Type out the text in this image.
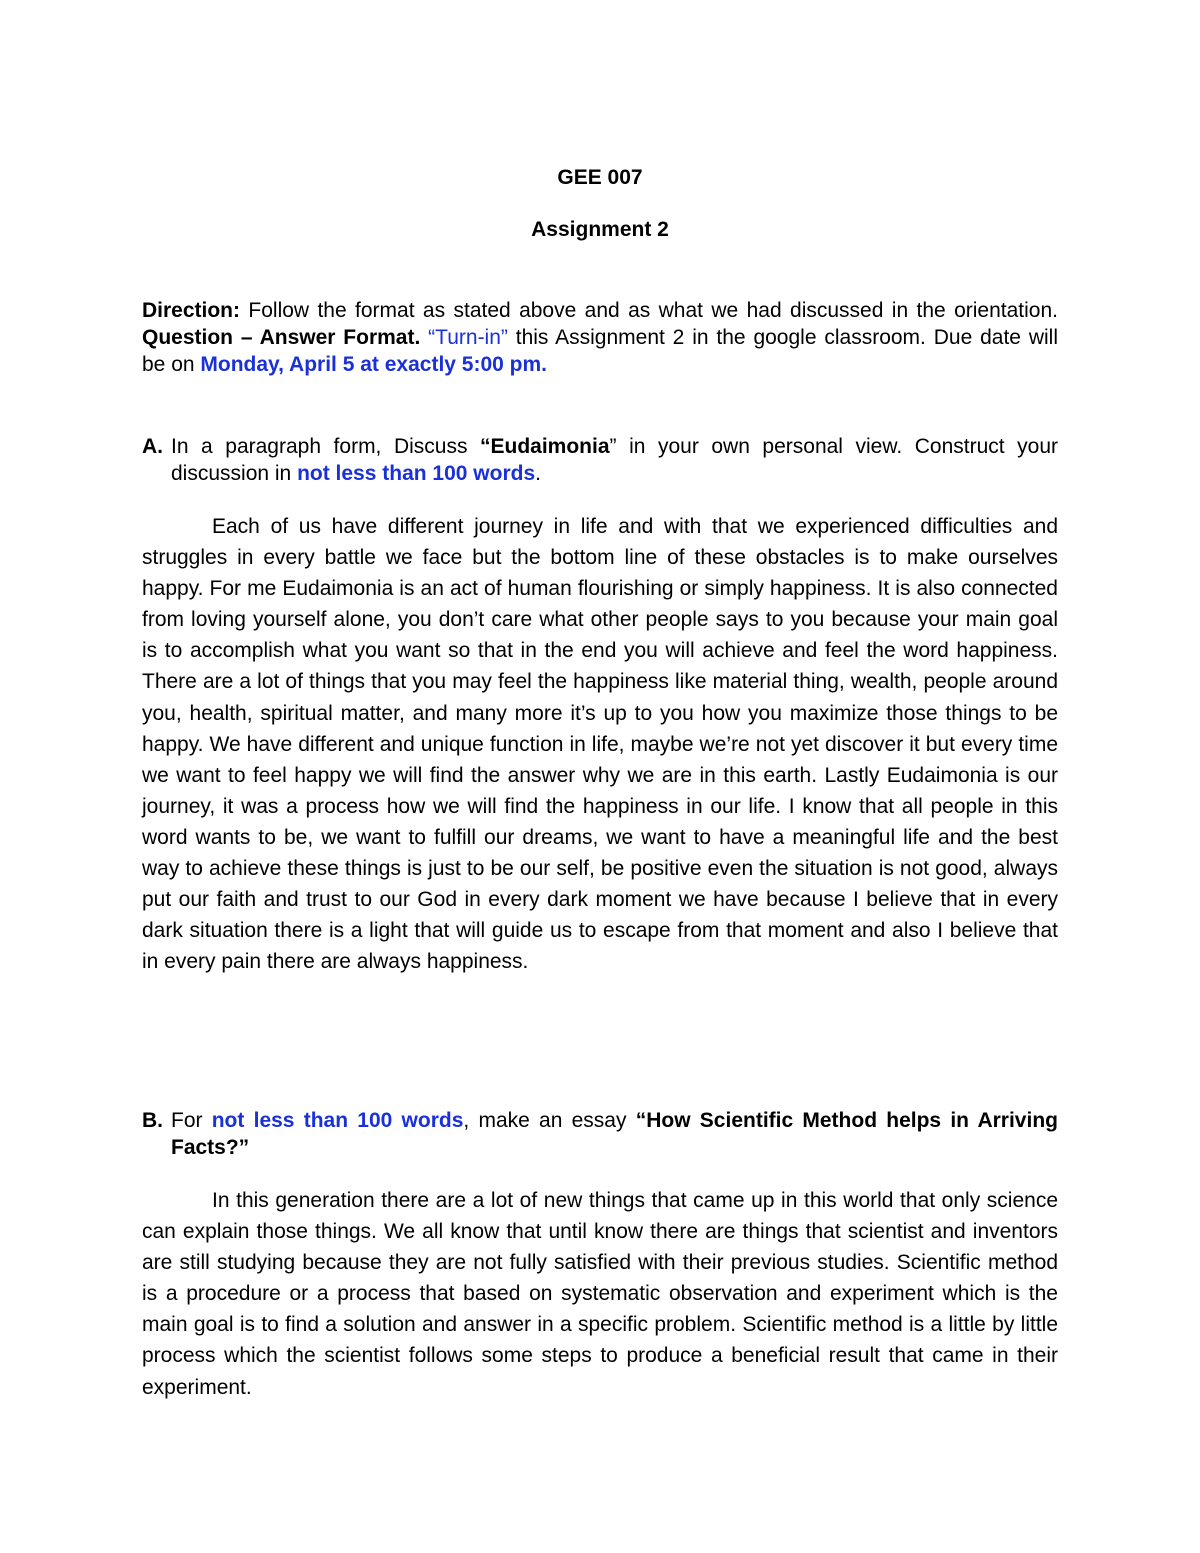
GEE 007
Assignment 2
Direction: Follow the format as stated above and as what we had discussed in the orientation. Question – Answer Format. “Turn-in” this Assignment 2 in the google classroom. Due date will be on Monday, April 5 at exactly 5:00 pm.
A. In a paragraph form, Discuss “Eudaimonia” in your own personal view. Construct your discussion in not less than 100 words.

Each of us have different journey in life and with that we experienced difficulties and struggles in every battle we face but the bottom line of these obstacles is to make ourselves happy. For me Eudaimonia is an act of human flourishing or simply happiness. It is also connected from loving yourself alone, you don’t care what other people says to you because your main goal is to accomplish what you want so that in the end you will achieve and feel the word happiness. There are a lot of things that you may feel the happiness like material thing, wealth, people around you, health, spiritual matter, and many more it’s up to you how you maximize those things to be happy. We have different and unique function in life, maybe we’re not yet discover it but every time we want to feel happy we will find the answer why we are in this earth. Lastly Eudaimonia is our journey, it was a process how we will find the happiness in our life. I know that all people in this word wants to be, we want to fulfill our dreams, we want to have a meaningful life and the best way to achieve these things is just to be our self, be positive even the situation is not good, always put our faith and trust to our God in every dark moment we have because I believe that in every dark situation there is a light that will guide us to escape from that moment and also I believe that in every pain there are always happiness.

B. For not less than 100 words, make an essay “How Scientific Method helps in Arriving Facts?”

In this generation there are a lot of new things that came up in this world that only science can explain those things. We all know that until know there are things that scientist and inventors are still studying because they are not fully satisfied with their previous studies. Scientific method is a procedure or a process that based on systematic observation and experiment which is the main goal is to find a solution and answer in a specific problem. Scientific method is a little by little process which the scientist follows some steps to produce a beneficial result that came in their experiment.
